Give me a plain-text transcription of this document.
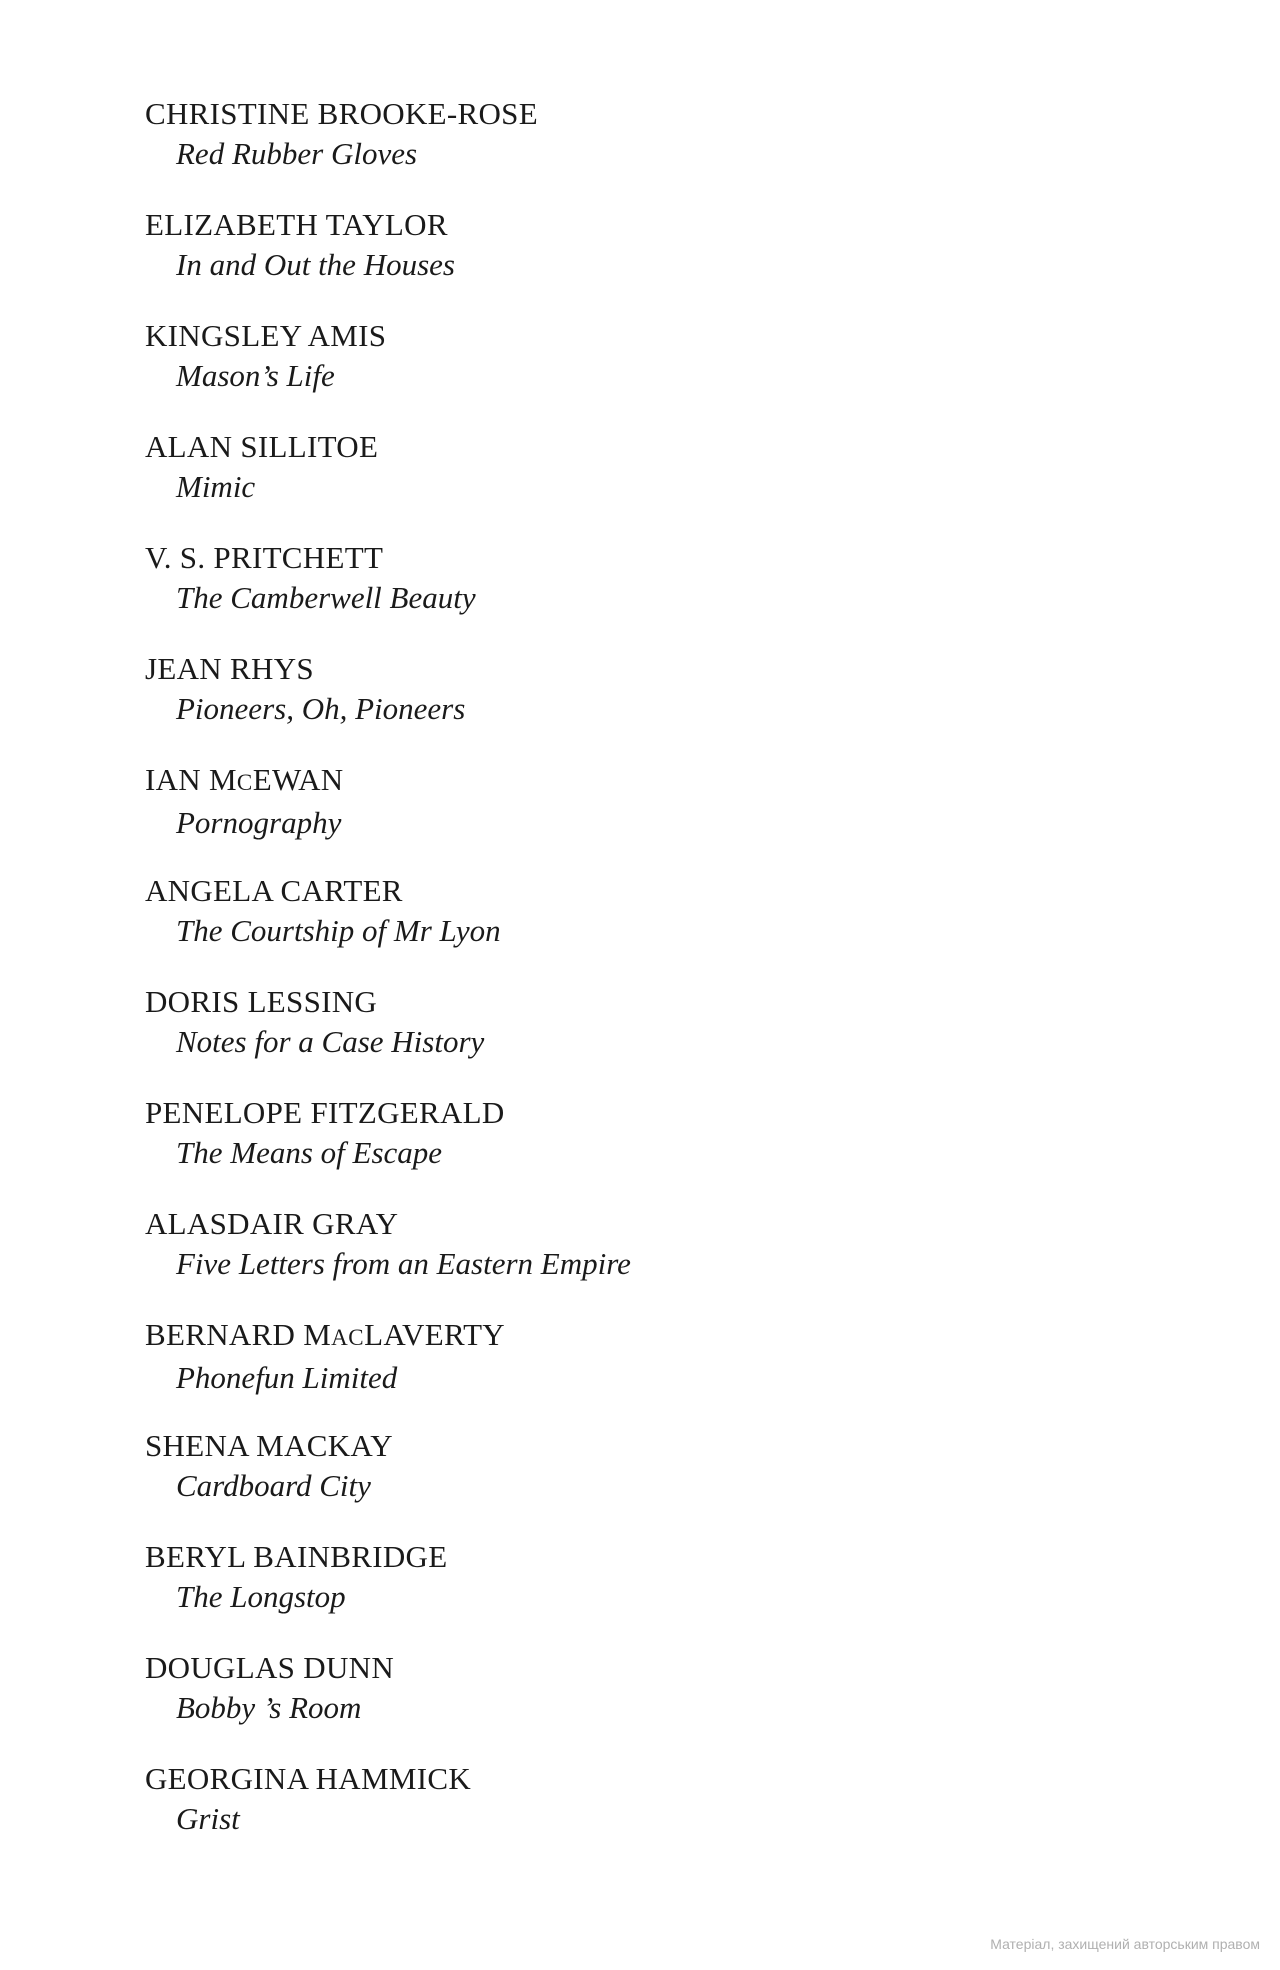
CHRISTINE BROOKE-ROSE
Red Rubber Gloves
ELIZABETH TAYLOR
In and Out the Houses
KINGSLEY AMIS
Mason’s Life
ALAN SILLITOE
Mimic
V. S. PRITCHETT
The Camberwell Beauty
JEAN RHYS
Pioneers, Oh, Pioneers
IAN MCEWAN
Pornography
ANGELA CARTER
The Courtship of Mr Lyon
DORIS LESSING
Notes for a Case History
PENELOPE FITZGERALD
The Means of Escape
ALASDAIR GRAY
Five Letters from an Eastern Empire
BERNARD MACLAVERTY
Phonefun Limited
SHENA MACKAY
Cardboard City
BERYL BAINBRIDGE
The Longstop
DOUGLAS DUNN
Bobby ’s Room
GEORGINA HAMMICK
Grist
Матеріал, захищений авторським правом
